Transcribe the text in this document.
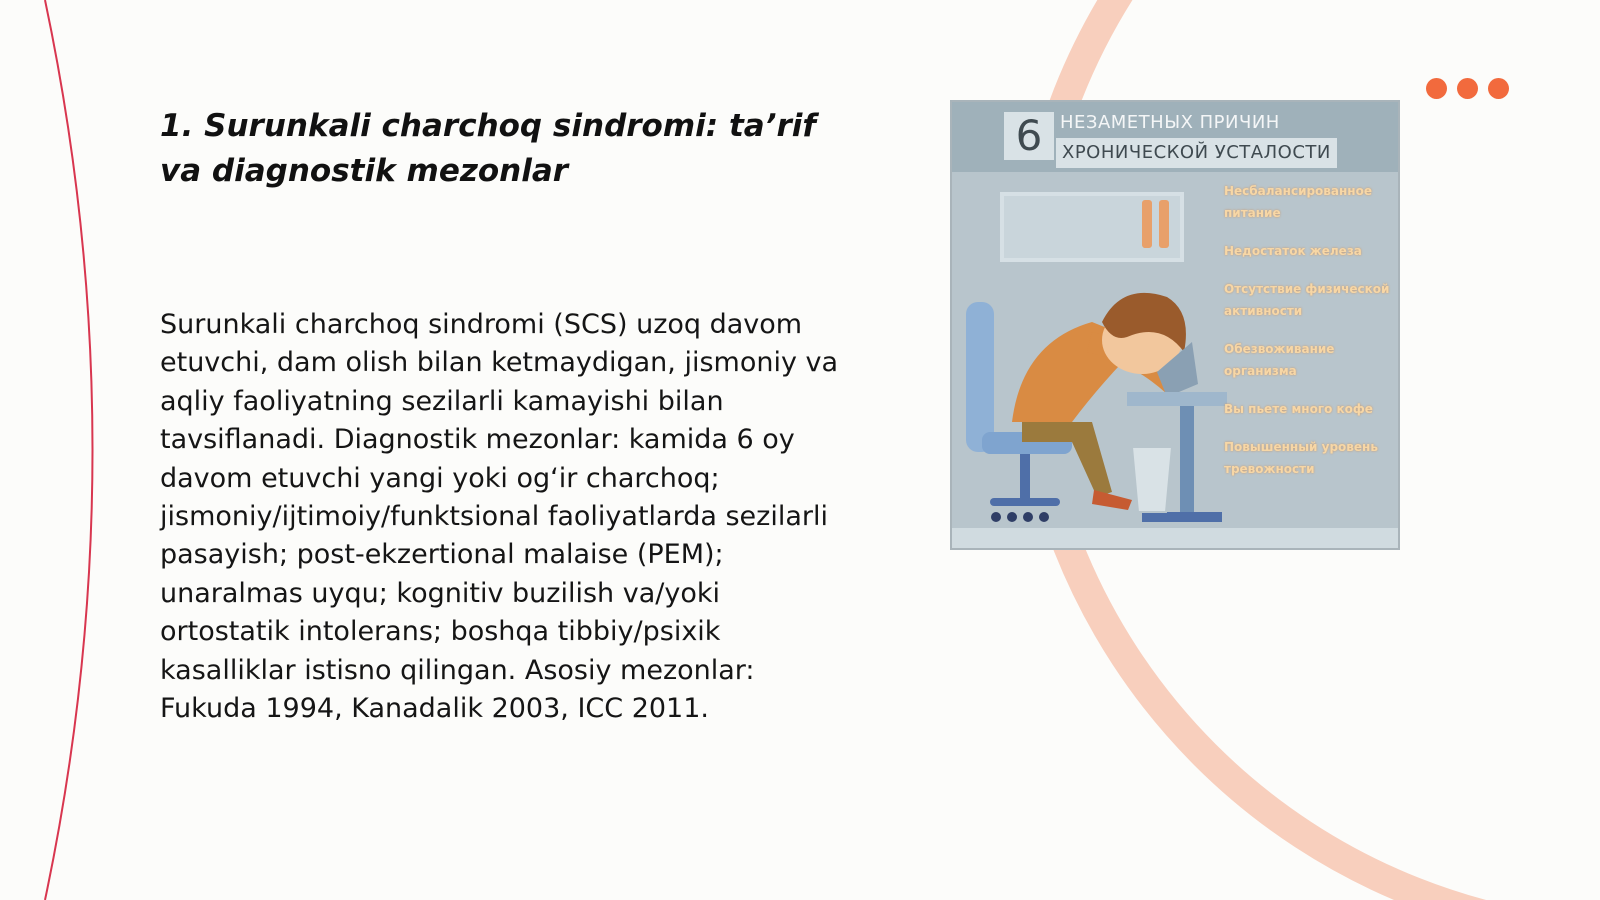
1. Surunkali charchoq sindromi: ta’rif va diagnostik mezonlar

Surunkali charchoq sindromi (SCS) uzoq davom etuvchi, dam olish bilan ketmaydigan, jismoniy va aqliy faoliyatning sezilarli kamayishi bilan tavsiflanadi. Diagnostik mezonlar: kamida 6 oy davom etuvchi yangi yoki og‘ir charchoq; jismoniy/ijtimoiy/funktsional faoliyatlarda sezilarli pasayish; post-ekzertional malaise (PEM); unaralmas uyqu; kognitiv buzilish va/yoki ortostatik intolerans; boshqa tibbiy/psixik kasalliklar istisno qilingan. Asosiy mezonlar: Fukuda 1994, Kanadalik 2003, ICC 2011.

6 НЕЗАМЕТНЫХ ПРИЧИН
ХРОНИЧЕСКОЙ УСТАЛОСТИ
Несбалансированное питание
Недостаток железа
Отсутствие физической активности
Обезвоживание организма
Вы пьете много кофе
Повышенный уровень тревожности
